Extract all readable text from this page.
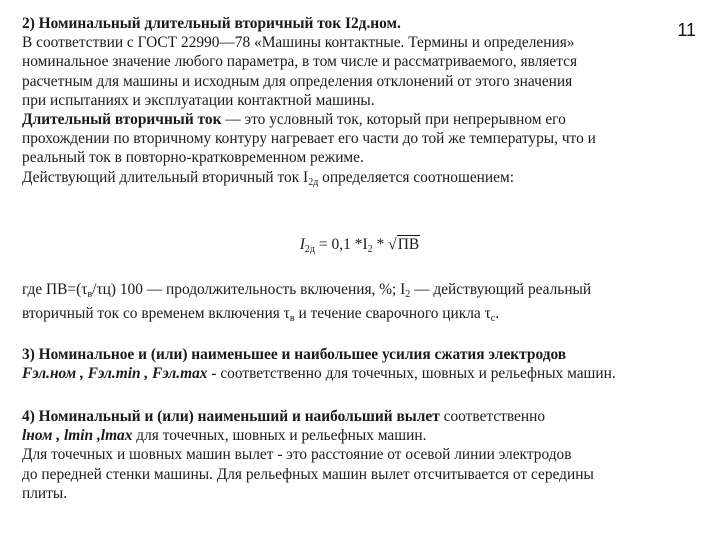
11
2) Номинальный длительный вторичный ток I2д.ном.
В соответствии с ГОСТ 22990—78 «Машины контактные. Термины и определения»
номинальное значение любого параметра, в том числе и рассматриваемого, является
расчетным для машины и исходным для определения отклонений от этого значения
при испытаниях и эксплуатации контактной машины.
Длительный вторичный ток — это условный ток, который при непрерывном его
прохождении по вторичному контуру нагревает его части до той же температуры, что и
реальный ток в повторно-кратковременном режиме.
Действующий длительный вторичный ток $I_{2д}$ определяется соотношением:
$I_{2д} = 0,1$ $*I_2 * √ПВ$
где $ПВ=(\tau_в/\tau ц)$ 100 — продолжительность включения, %; $I_2$ — действующий реальный
вторичный ток со временем включения $\tau_в$ и течение сварочного цикла $\tau_с$.
3) Номинальное и (или) наименьшее и наибольшее усилия сжатия электродов
Fэл.ном , Fэл.min , Fэл.max - соответственно для точечных, шовных и рельефных машин.
4) Номинальный и (или) наименьший и наибольший вылет соответственно
lном , lmin ,lmax для точечных, шовных и рельефных машин.
Для точечных и шовных машин вылет - это расстояние от осевой линии электродов
до передней стенки машины. Для рельефных машин вылет отсчитывается от середины
плиты.
